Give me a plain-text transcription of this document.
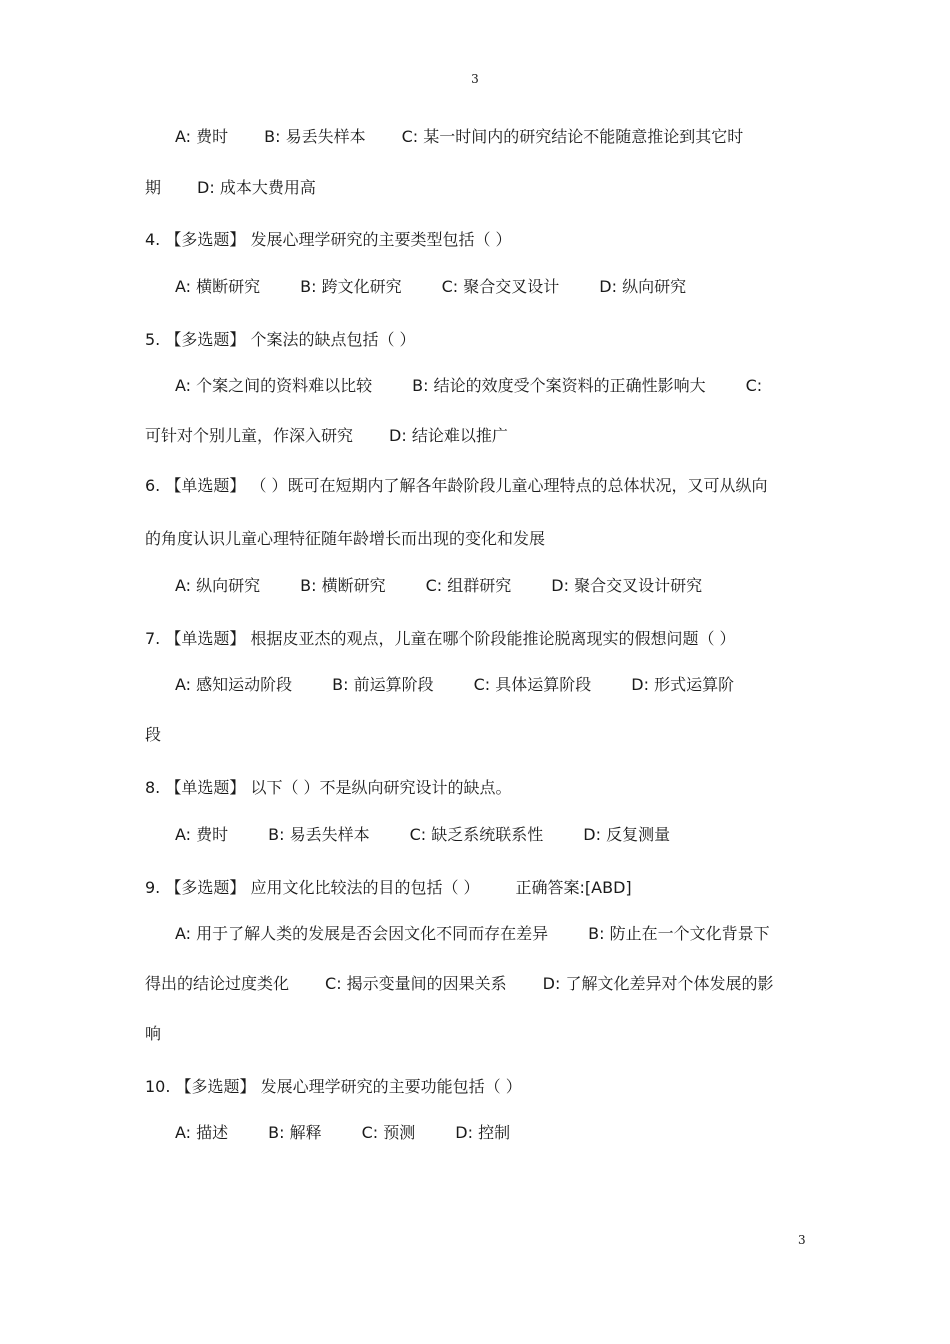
3
A: 费时 B: 易丢失样本 C: 某一时间内的研究结论不能随意推论到其它时
期 D: 成本大费用高
4. 【多选题】 发展心理学研究的主要类型包括（ ）
A: 横断研究	B: 跨文化研究	C: 聚合交叉设计	D: 纵向研究
5. 【多选题】 个案法的缺点包括（ ）
A: 个案之间的资料难以比较	B: 结论的效度受个案资料的正确性影响大	C:
可针对个别儿童，作深入研究 D: 结论难以推广
6. 【单选题】 （ ）既可在短期内了解各年龄阶段儿童心理特点的总体状况，又可从纵向
的角度认识儿童心理特征随年龄增长而出现的变化和发展
A: 纵向研究	B: 横断研究	C: 组群研究	D: 聚合交叉设计研究
7. 【单选题】 根据皮亚杰的观点，儿童在哪个阶段能推论脱离现实的假想问题（ ）
A: 感知运动阶段	B: 前运算阶段	C: 具体运算阶段	D: 形式运算阶
段
8. 【单选题】 以下（ ）不是纵向研究设计的缺点。
A: 费时	B: 易丢失样本	C: 缺乏系统联系性	D: 反复测量
9. 【多选题】 应用文化比较法的目的包括（ ） 正确答案:[ABD]
A: 用于了解人类的发展是否会因文化不同而存在差异	B: 防止在一个文化背景下
得出的结论过度类化 C: 揭示变量间的因果关系 D: 了解文化差异对个体发展的影
响
10. 【多选题】 发展心理学研究的主要功能包括（ ）
A: 描述	B: 解释	C: 预测	D: 控制
3
